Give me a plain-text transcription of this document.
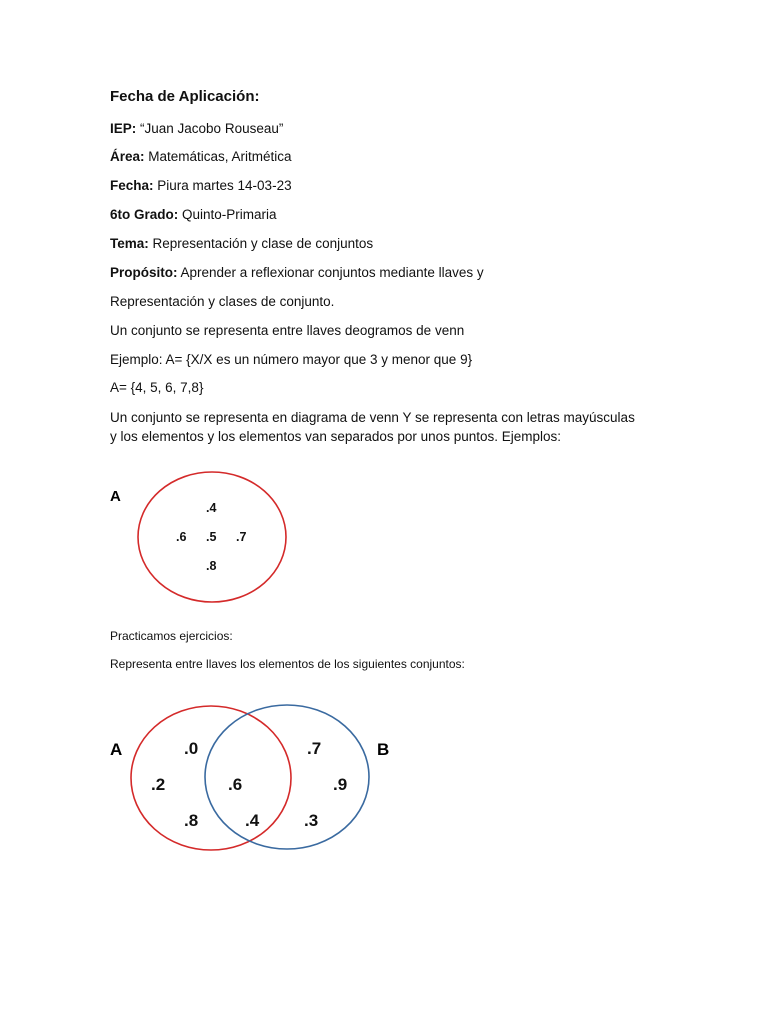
Fecha de Aplicación:
IEP: “Juan Jacobo Rouseau”
Área: Matemáticas, Aritmética
Fecha: Piura martes 14-03-23
6to Grado: Quinto-Primaria
Tema: Representación y clase de conjuntos
Propósito: Aprender a reflexionar conjuntos mediante llaves y
Representación y clases de conjunto.
Un conjunto se representa entre llaves deogramos de venn
Ejemplo: A= {X/X es un número mayor que 3 y menor que 9}
A= {4, 5, 6, 7,8}
Un conjunto se representa en diagrama de venn Y se representa con letras mayúsculas
y los elementos y los elementos van separados por unos puntos. Ejemplos:
Practicamos ejercicios:
Representa entre llaves los elementos de los siguientes conjuntos:
A
.4
.6 .5 .7
.8
A	B
.0
.2
.8
.6
.4
.7
.9
.3
